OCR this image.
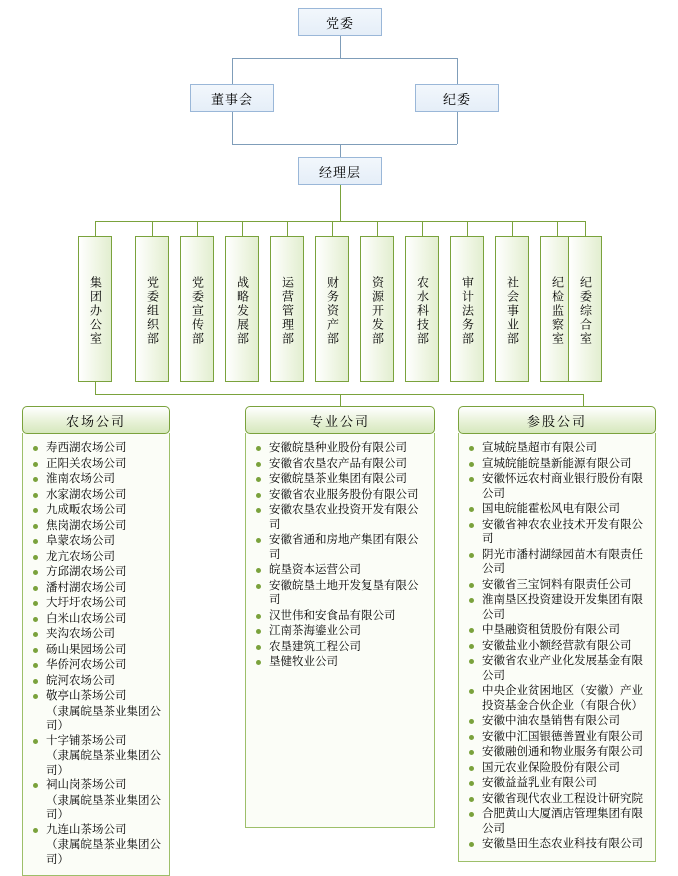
党委
董事会	纪委
经理层
集团办公室	党委组织部	党委宣传部	战略发展部	运营管理部	财务资产部	资源开发部	农水科技部	审计法务部	社会事业部	纪检监察室 纪委综合室
农场公司
寿西湖农场公司
正阳关农场公司
淮南农场公司
水家湖农场公司
九成畈农场公司
焦岗湖农场公司
阜蒙农场公司
龙亢农场公司
方邱湖农场公司
潘村湖农场公司
大圩圩农场公司
白米山农场公司
夹沟农场公司
砀山果园场公司
华侨河农场公司
皖河农场公司
敬亭山茶场公司
（隶属皖垦茶业集团公司）
十字铺茶场公司
（隶属皖垦茶业集团公司）
祠山岗茶场公司
（隶属皖垦茶业集团公司）
九连山茶场公司
（隶属皖垦茶业集团公司）
专业公司
安徽皖垦种业股份有限公司
安徽省农垦农产品有限公司
安徽皖垦茶业集团有限公司
安徽省农业服务股份有限公司
安徽农垦农业投资开发有限公司
安徽省通和房地产集团有限公司
皖垦资本运营公司
安徽皖垦土地开发复垦有限公司
汉世伟和安食品有限公司
江南茶海鎏业公司
农垦建筑工程公司
垦健牧业公司
参股公司
宣城皖垦超市有限公司
宣城皖能皖垦新能源有限公司
安徽怀远农村商业银行股份有限公司
国电皖能霍松风电有限公司
安徽省神农农业技术开发有限公司
阴光市潘村湖绿园苗木有限责任公司
安徽省三宝饲料有限责任公司
淮南垦区投资建设开发集团有限公司
中垦融资租赁股份有限公司
安徽盐业小额经营款有限公司
安徽省农业产业化发展基金有限公司
中央企业贫困地区（安徽）产业投资基金合伙企业（有限合伙）
安徽中油农垦销售有限公司
安徽中汇国银德善置业有限公司
安徽融创通和物业服务有限公司
国元农业保险股份有限公司
安徽益益乳业有限公司
安徽省现代农业工程设计研究院
合肥黄山大厦酒店管理集团有限公司
安徽垦田生态农业科技有限公司
